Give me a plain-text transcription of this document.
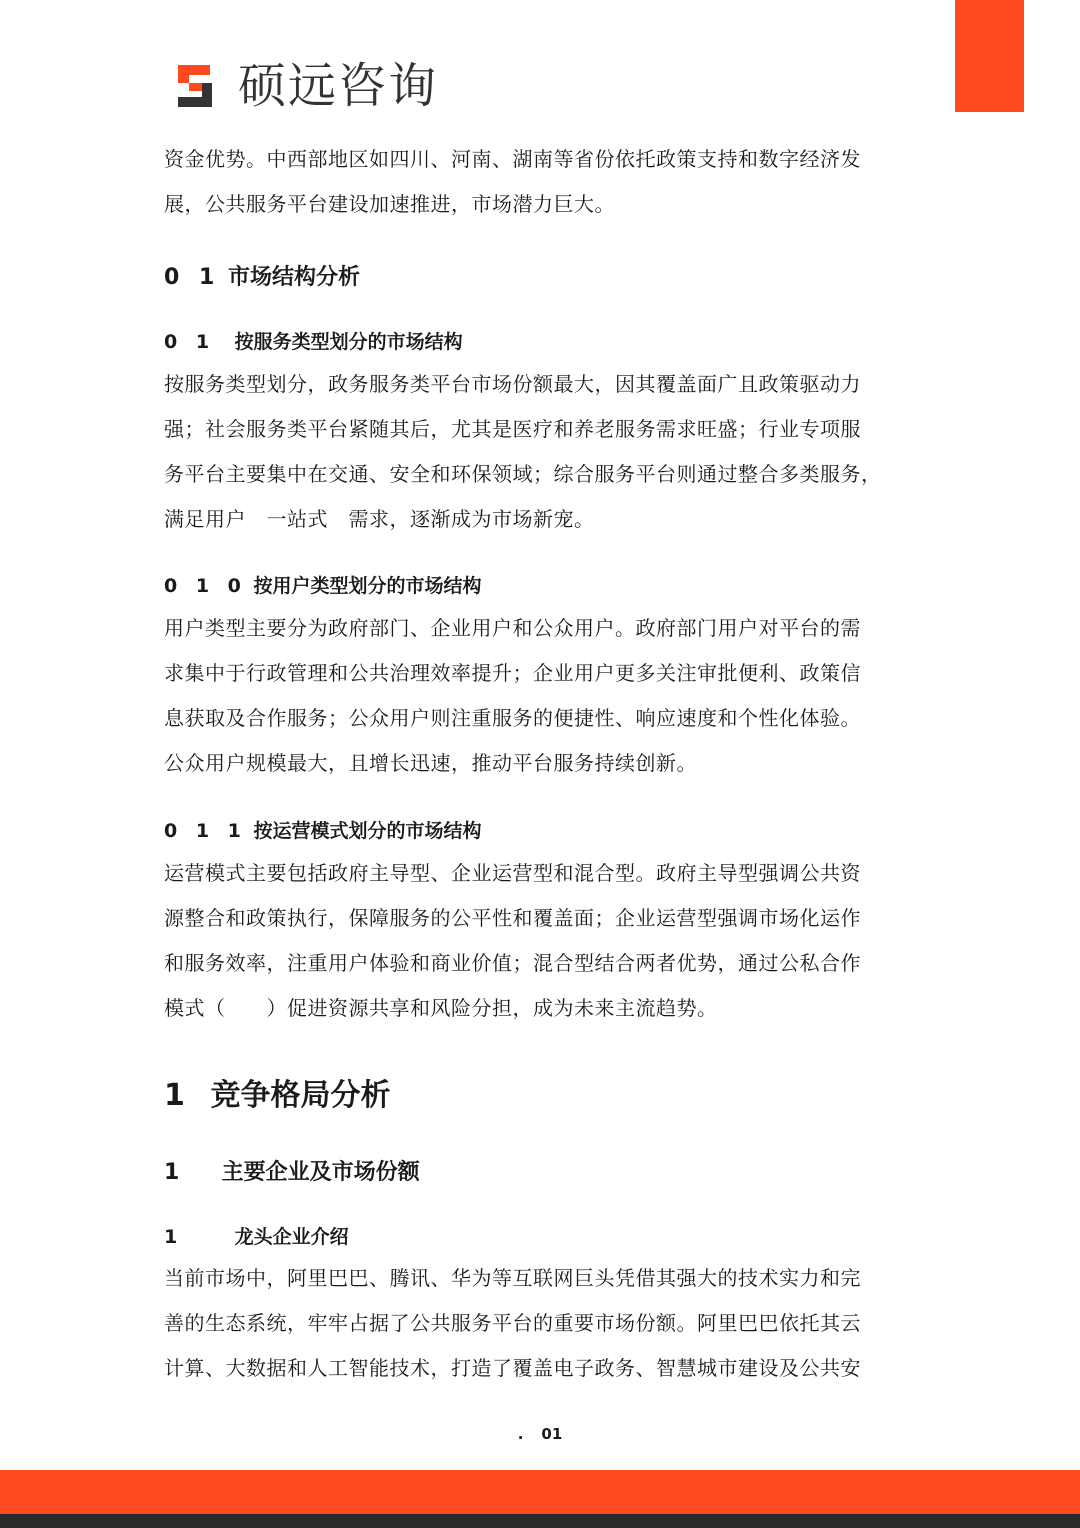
硕远咨询
资金优势。中西部地区如四川、河南、湖南等省份依托政策支持和数字经济发
展，公共服务平台建设加速推进，市场潜力巨大。
0 1 市场结构分析
0 1 按服务类型划分的市场结构
按服务类型划分，政务服务类平台市场份额最大，因其覆盖面广且政策驱动力
强；社会服务类平台紧随其后，尤其是医疗和养老服务需求旺盛；行业专项服
务平台主要集中在交通、安全和环保领域；综合服务平台则通过整合多类服务，
满足用户　一站式　需求，逐渐成为市场新宠。
0 1 0 按用户类型划分的市场结构
用户类型主要分为政府部门、企业用户和公众用户。政府部门用户对平台的需
求集中于行政管理和公共治理效率提升；企业用户更多关注审批便利、政策信
息获取及合作服务；公众用户则注重服务的便捷性、响应速度和个性化体验。
公众用户规模最大，且增长迅速，推动平台服务持续创新。
0 1 1 按运营模式划分的市场结构
运营模式主要包括政府主导型、企业运营型和混合型。政府主导型强调公共资
源整合和政策执行，保障服务的公平性和覆盖面；企业运营型强调市场化运作
和服务效率，注重用户体验和商业价值；混合型结合两者优势，通过公私合作
模式（　　）促进资源共享和风险分担，成为未来主流趋势。
1 竞争格局分析
1 主要企业及市场份额
1	龙头企业介绍
当前市场中，阿里巴巴、腾讯、华为等互联网巨头凭借其强大的技术实力和完
善的生态系统，牢牢占据了公共服务平台的重要市场份额。阿里巴巴依托其云
计算、大数据和人工智能技术，打造了覆盖电子政务、智慧城市建设及公共安
. 01
